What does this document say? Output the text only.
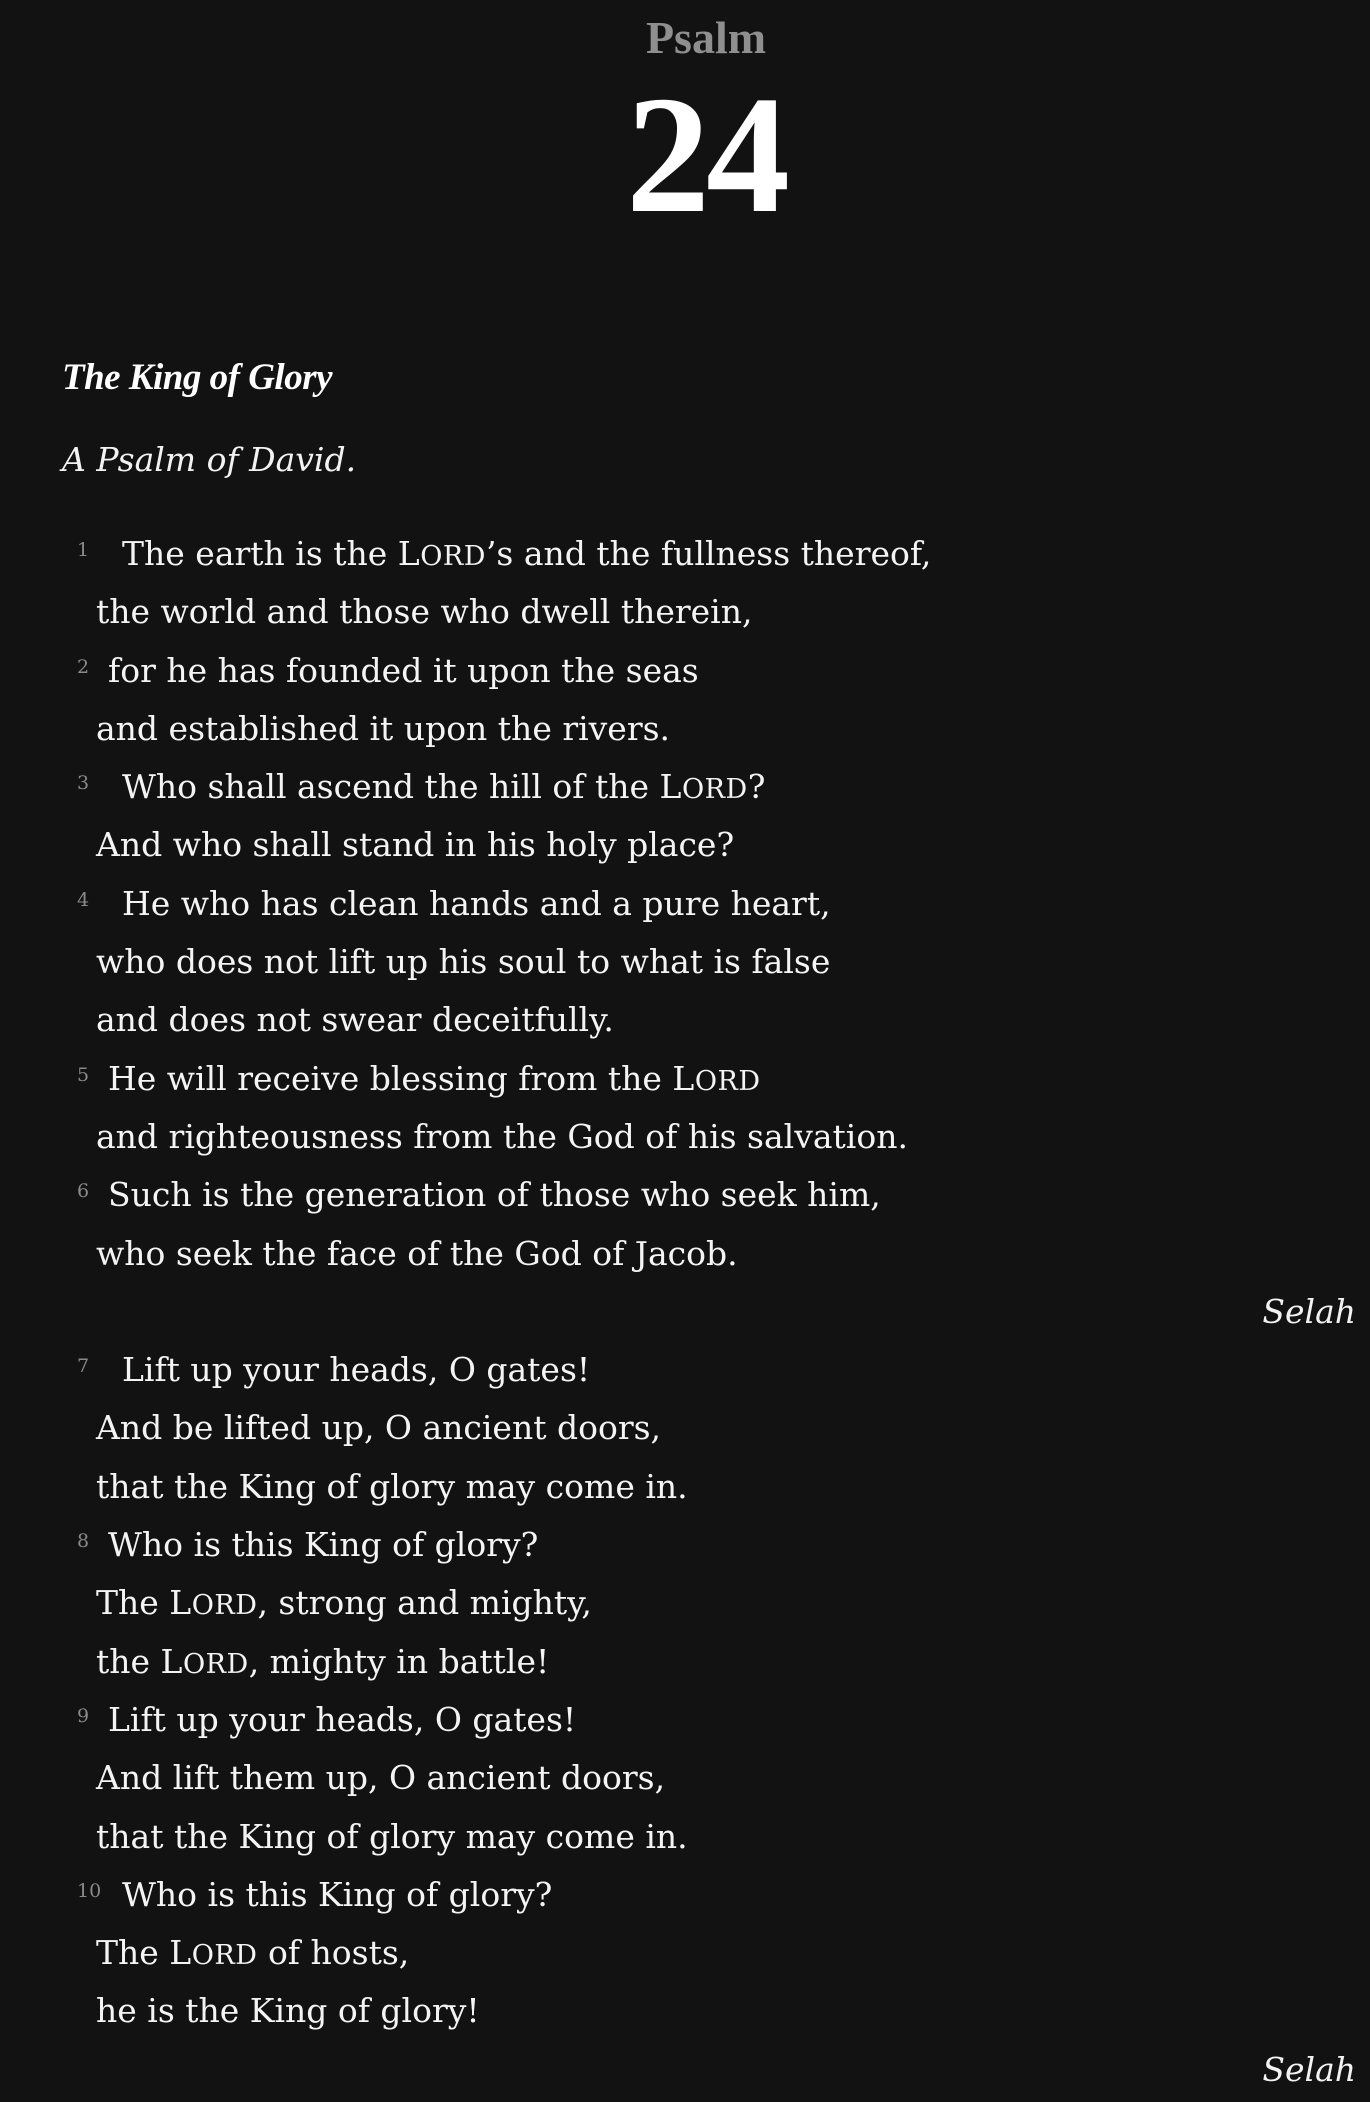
Psalm
24
The King of Glory
A Psalm of David.
1 The earth is the LORD’s and the fullness thereof,
the world and those who dwell therein,
2 for he has founded it upon the seas
and established it upon the rivers.
3 Who shall ascend the hill of the LORD?
And who shall stand in his holy place?
4 He who has clean hands and a pure heart,
who does not lift up his soul to what is false
and does not swear deceitfully.
5 He will receive blessing from the LORD
and righteousness from the God of his salvation.
6 Such is the generation of those who seek him,
who seek the face of the God of Jacob.
Selah
7 Lift up your heads, O gates!
And be lifted up, O ancient doors,
that the King of glory may come in.
8 Who is this King of glory?
The LORD, strong and mighty,
the LORD, mighty in battle!
9 Lift up your heads, O gates!
And lift them up, O ancient doors,
that the King of glory may come in.
10 Who is this King of glory?
The LORD of hosts,
he is the King of glory!
Selah
